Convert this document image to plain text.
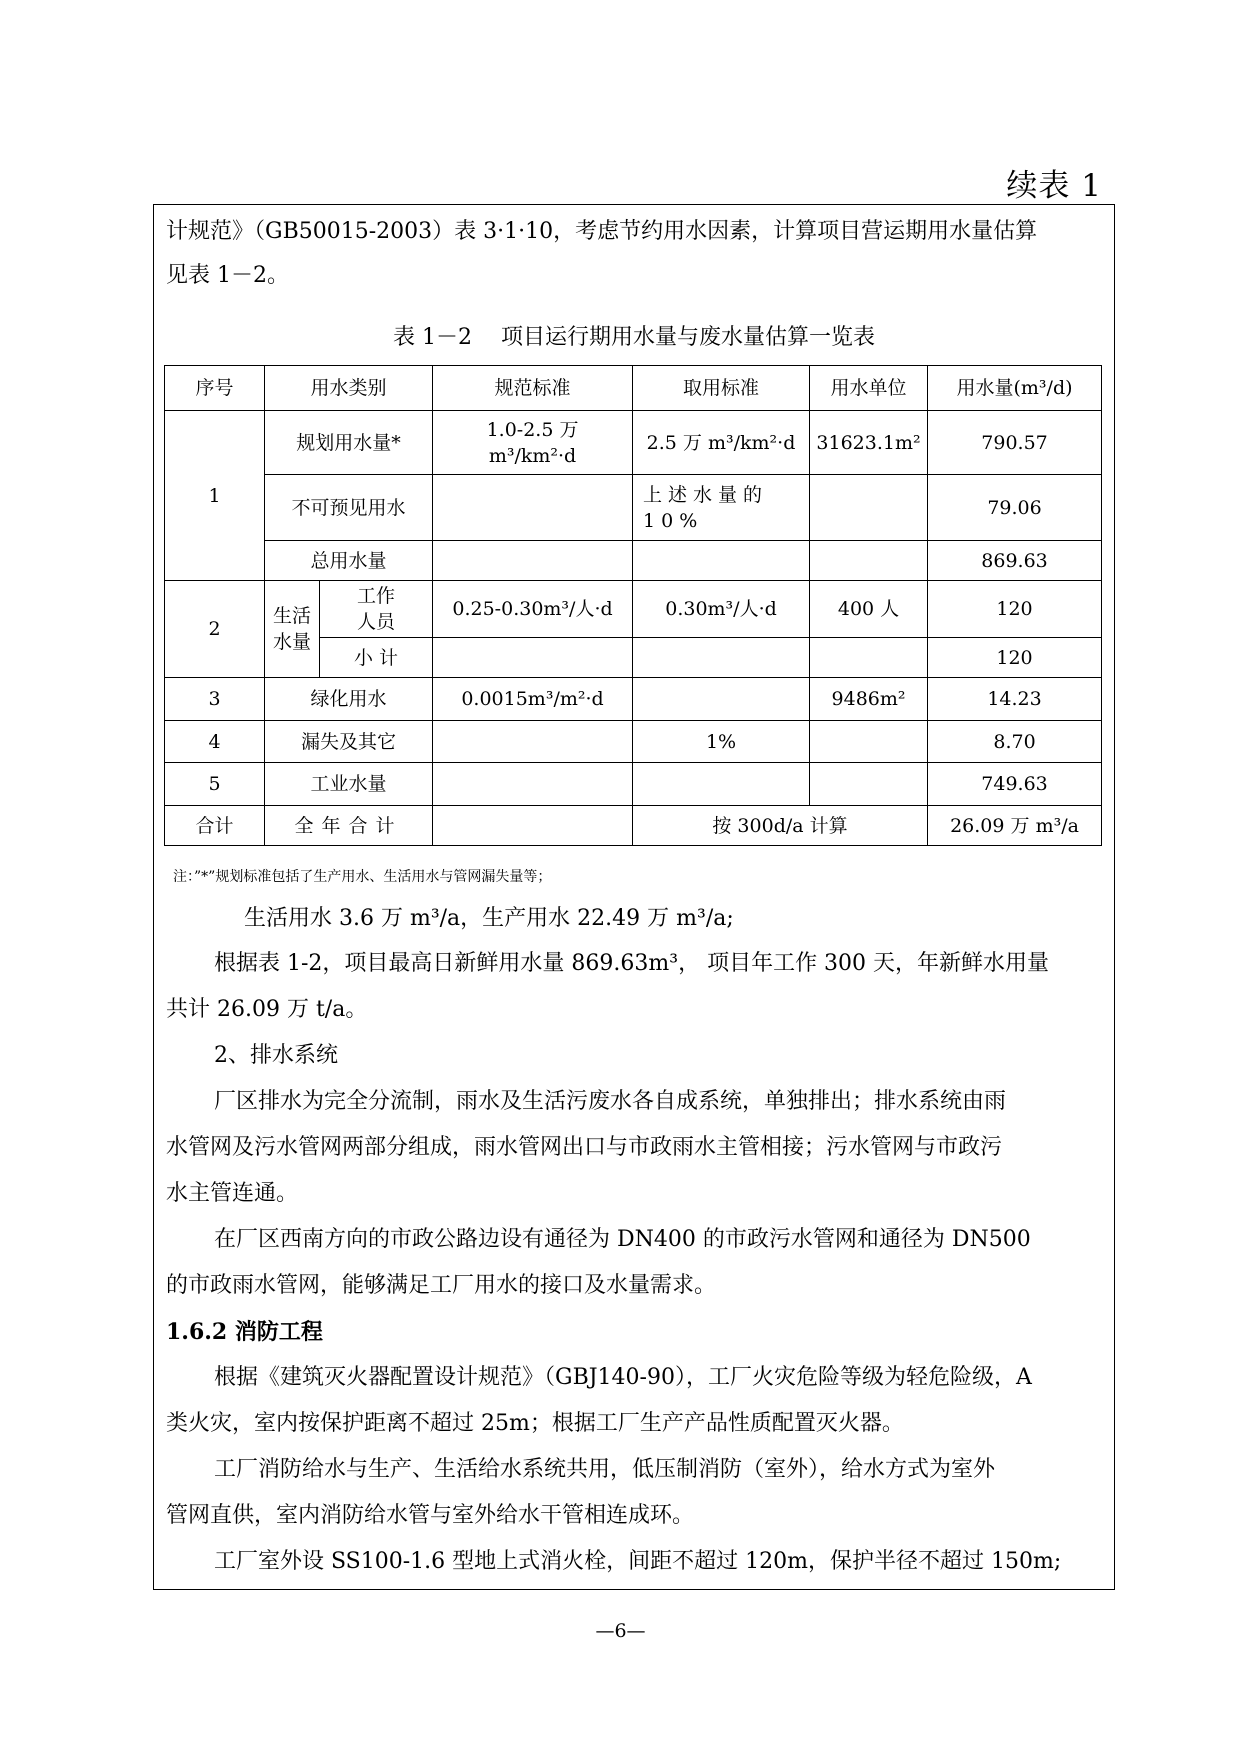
续表 1
计规范》（GB50015-2003）表 3·1·10，考虑节约用水因素，计算项目营运期用水量估算
见表 1－2。
表 1－2　 项目运行期用水量与废水量估算一览表
序号	用水类别		规范标准	取用标准	用水单位	用水量(m³/d)
1	规划用水量*		1.0-2.5 万 m³/km²·d	2.5 万 m³/km²·d	31623.1m²	790.57
	不可预见用水			上述水量的 10%		79.06
	总用水量					869.63
2	生活水量	工作人员	0.25-0.30m³/人·d	0.30m³/人·d	400 人	120
		小 计				120
3	绿化用水		0.0015m³/m²·d		9486m²	14.23
4	漏失及其它			1%		8.70
5	工业水量					749.63
合计	全年合计			按 300d/a 计算		26.09 万 m³/a
注：”*”规划标准包括了生产用水、生活用水与管网漏失量等；
生活用水 3.6 万 m³/a，生产用水 22.49 万 m³/a;
根据表 1-2，项目最高日新鲜用水量 869.63m³， 项目年工作 300 天，年新鲜水用量
共计 26.09 万 t/a。
2、排水系统
厂区排水为完全分流制，雨水及生活污废水各自成系统，单独排出；排水系统由雨
水管网及污水管网两部分组成，雨水管网出口与市政雨水主管相接；污水管网与市政污
水主管连通。
在厂区西南方向的市政公路边设有通径为 DN400 的市政污水管网和通径为 DN500
的市政雨水管网，能够满足工厂用水的接口及水量需求。
1.6.2 消防工程
根据《建筑灭火器配置设计规范》（GBJ140-90），工厂火灾危险等级为轻危险级，A
类火灾，室内按保护距离不超过 25m；根据工厂生产产品性质配置灭火器。
工厂消防给水与生产、生活给水系统共用，低压制消防（室外），给水方式为室外
管网直供，室内消防给水管与室外给水干管相连成环。
工厂室外设 SS100-1.6 型地上式消火栓，间距不超过 120m，保护半径不超过 150m;
—6—
